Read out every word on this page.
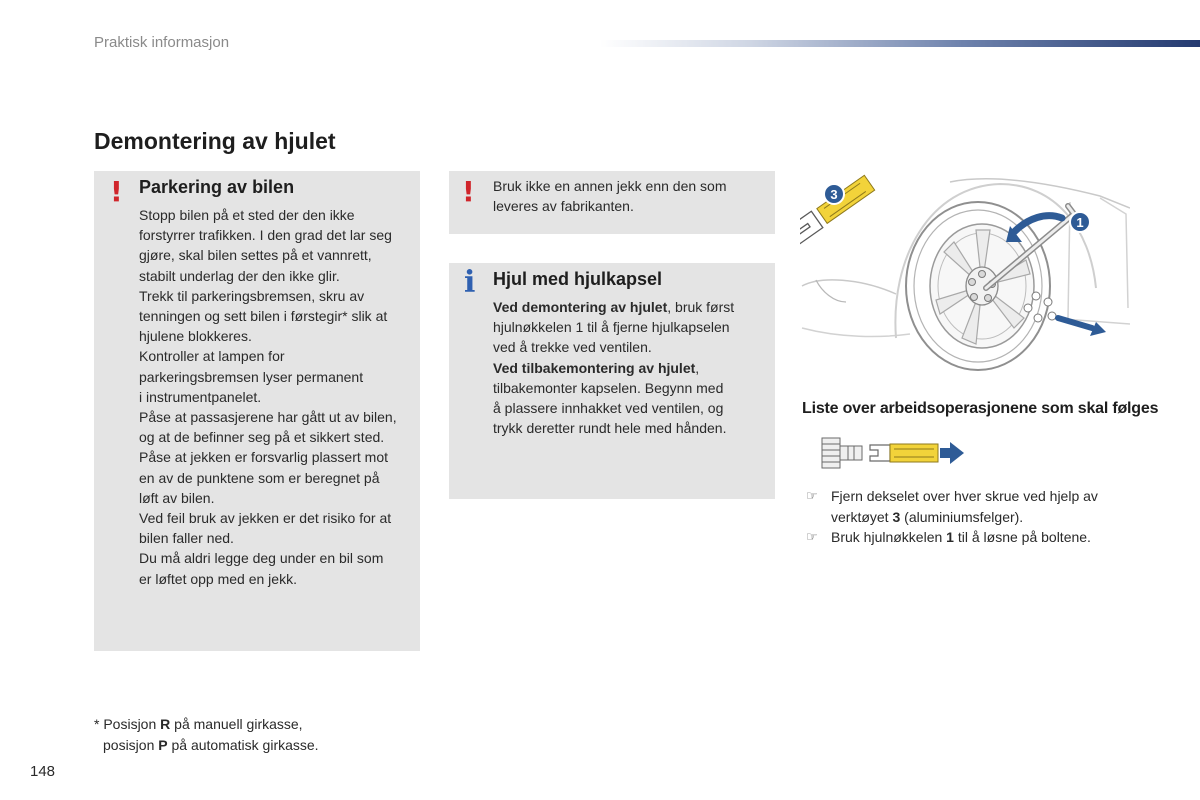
Praktisk informasjon
Demontering av hjulet
! Parkering av bilen

Stopp bilen på et sted der den ikke

forstyrrer trafikken. I den grad det lar seg

gjøre, skal bilen settes på et vannrett,

stabilt underlag der den ikke glir.

Trekk til parkeringsbremsen, skru av

tenningen og sett bilen i førstegir* slik at

hjulene blokkeres.

Kontroller at lampen for

parkeringsbremsen lyser permanent

i instrumentpanelet.

Påse at passasjerene har gått ut av bilen,

og at de befinner seg på et sikkert sted.

Påse at jekken er forsvarlig plassert mot

en av de punktene som er beregnet på

løft av bilen.

Ved feil bruk av jekken er det risiko for at

bilen faller ned.

Du må aldri legge deg under en bil som

er løftet opp med en jekk.

! Bruk ikke en annen jekk enn den som

leveres av fabrikanten.

i Hjul med hjulkapsel

Ved demontering av hjulet, bruk først

hjulnøkkelen 1 til å fjerne hjulkapselen

ved å trekke ved ventilen.

Ved tilbakemontering av hjulet,

tilbakemonter kapselen. Begynn med

å plassere innhakket ved ventilen, og

trykk deretter rundt hele med hånden.

3
1
Liste over arbeidsoperasjonene som skal følges
☞ Fjern dekselet over hver skrue ved hjelp av
verktøyet 3 (aluminiumsfelger).
☞ Bruk hjulnøkkelen 1 til å løsne på boltene.
* Posisjon R på manuell girkasse,
posisjon P på automatisk girkasse.
148
